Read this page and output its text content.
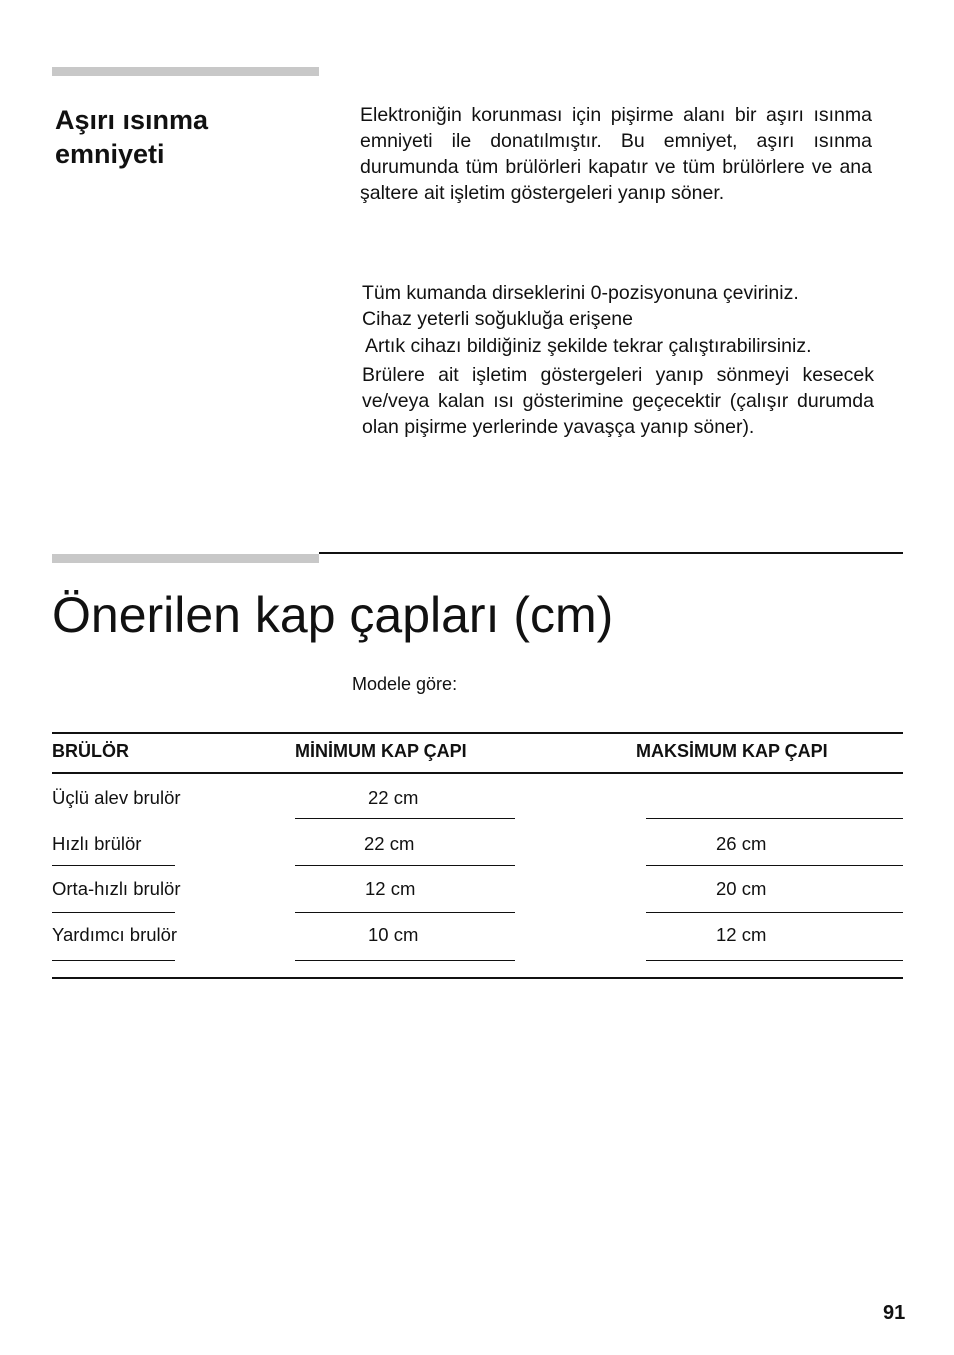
Aşırı ısınma
emniyeti
Elektroniğin korunması için pişirme alanı bir aşırı ısınma emniyeti ile donatılmıştır. Bu emniyet, aşırı ısınma durumunda tüm brülörleri kapatır ve tüm brülörlere ve ana şaltere ait işletim göstergeleri yanıp söner.
Tüm kumanda dirseklerini 0-pozisyonuna çeviriniz.
Cihaz yeterli soğukluğa erişene
Artık cihazı bildiğiniz şekilde tekrar çalıştırabilirsiniz.
Brülere ait işletim göstergeleri yanıp sönmeyi kesecek ve/veya kalan ısı gösterimine geçecektir (çalışır durumda olan pişirme yerlerinde yavaşça yanıp söner).
Önerilen kap çapları (cm)
Modele göre:
BRÜLÖR	MİNİMUM KAP ÇAPI	MAKSİMUM KAP ÇAPI
Üçlü alev brulör	22 cm
Hızlı brülör	22 cm	26 cm
Orta-hızlı brulör	12 cm	20 cm
Yardımcı brulör	10 cm	12 cm
91
